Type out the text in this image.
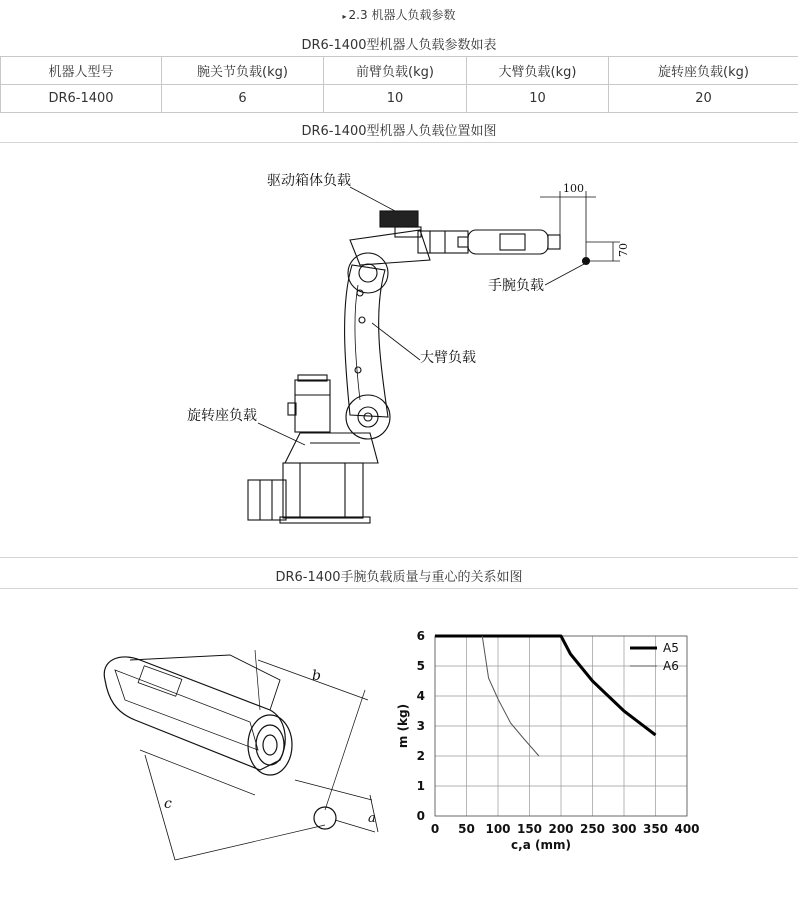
▸ 2.3 机器人负载参数
DR6-1400型机器人负载参数如表
机器人型号	腕关节负载(kg)	前臂负载(kg)	大臂负载(kg)	旋转座负载(kg)
DR6-1400	6	10	10	20
DR6-1400型机器人负载位置如图
驱动箱体负载
手腕负载
大臂负载
旋转座负载
100
70
DR6-1400手腕负载质量与重心的关系如图
b
c
a
0 50 100 150 200 250 300 350 400
0
1
2
3
4
5
6
A5
A6
c,a (mm)
m (kg)
